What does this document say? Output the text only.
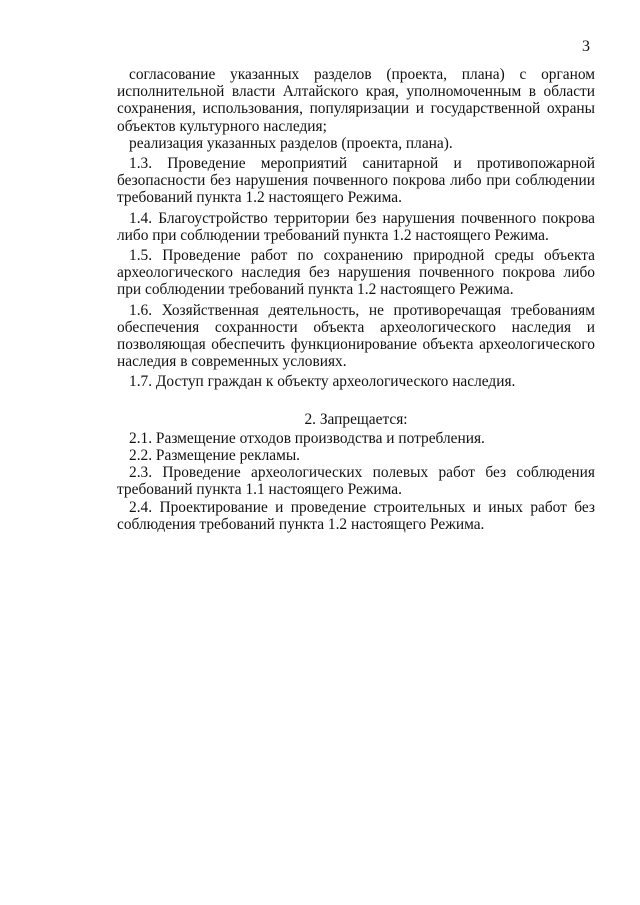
3

согласование указанных разделов (проекта, плана) с органом исполнительной власти Алтайского края, уполномоченным в области сохранения, использования, популяризации и государственной охраны объектов культурного наследия;

реализация указанных разделов (проекта, плана).

1.3. Проведение мероприятий санитарной и противопожарной безопасности без нарушения почвенного покрова либо при соблюдении требований пункта 1.2 настоящего Режима.

1.4. Благоустройство территории без нарушения почвенного покрова либо при соблюдении требований пункта 1.2 настоящего Режима.

1.5. Проведение работ по сохранению природной среды объекта археологического наследия без нарушения почвенного покрова либо при соблюдении требований пункта 1.2 настоящего Режима.

1.6. Хозяйственная деятельность, не противоречащая требованиям обеспечения сохранности объекта археологического наследия и позволяющая обеспечить функционирование объекта археологического наследия в современных условиях.

1.7. Доступ граждан к объекту археологического наследия.

2. Запрещается:

2.1. Размещение отходов производства и потребления.

2.2. Размещение рекламы.

2.3. Проведение археологических полевых работ без соблюдения требований пункта 1.1 настоящего Режима.

2.4. Проектирование и проведение строительных и иных работ без соблюдения требований пункта 1.2 настоящего Режима.
